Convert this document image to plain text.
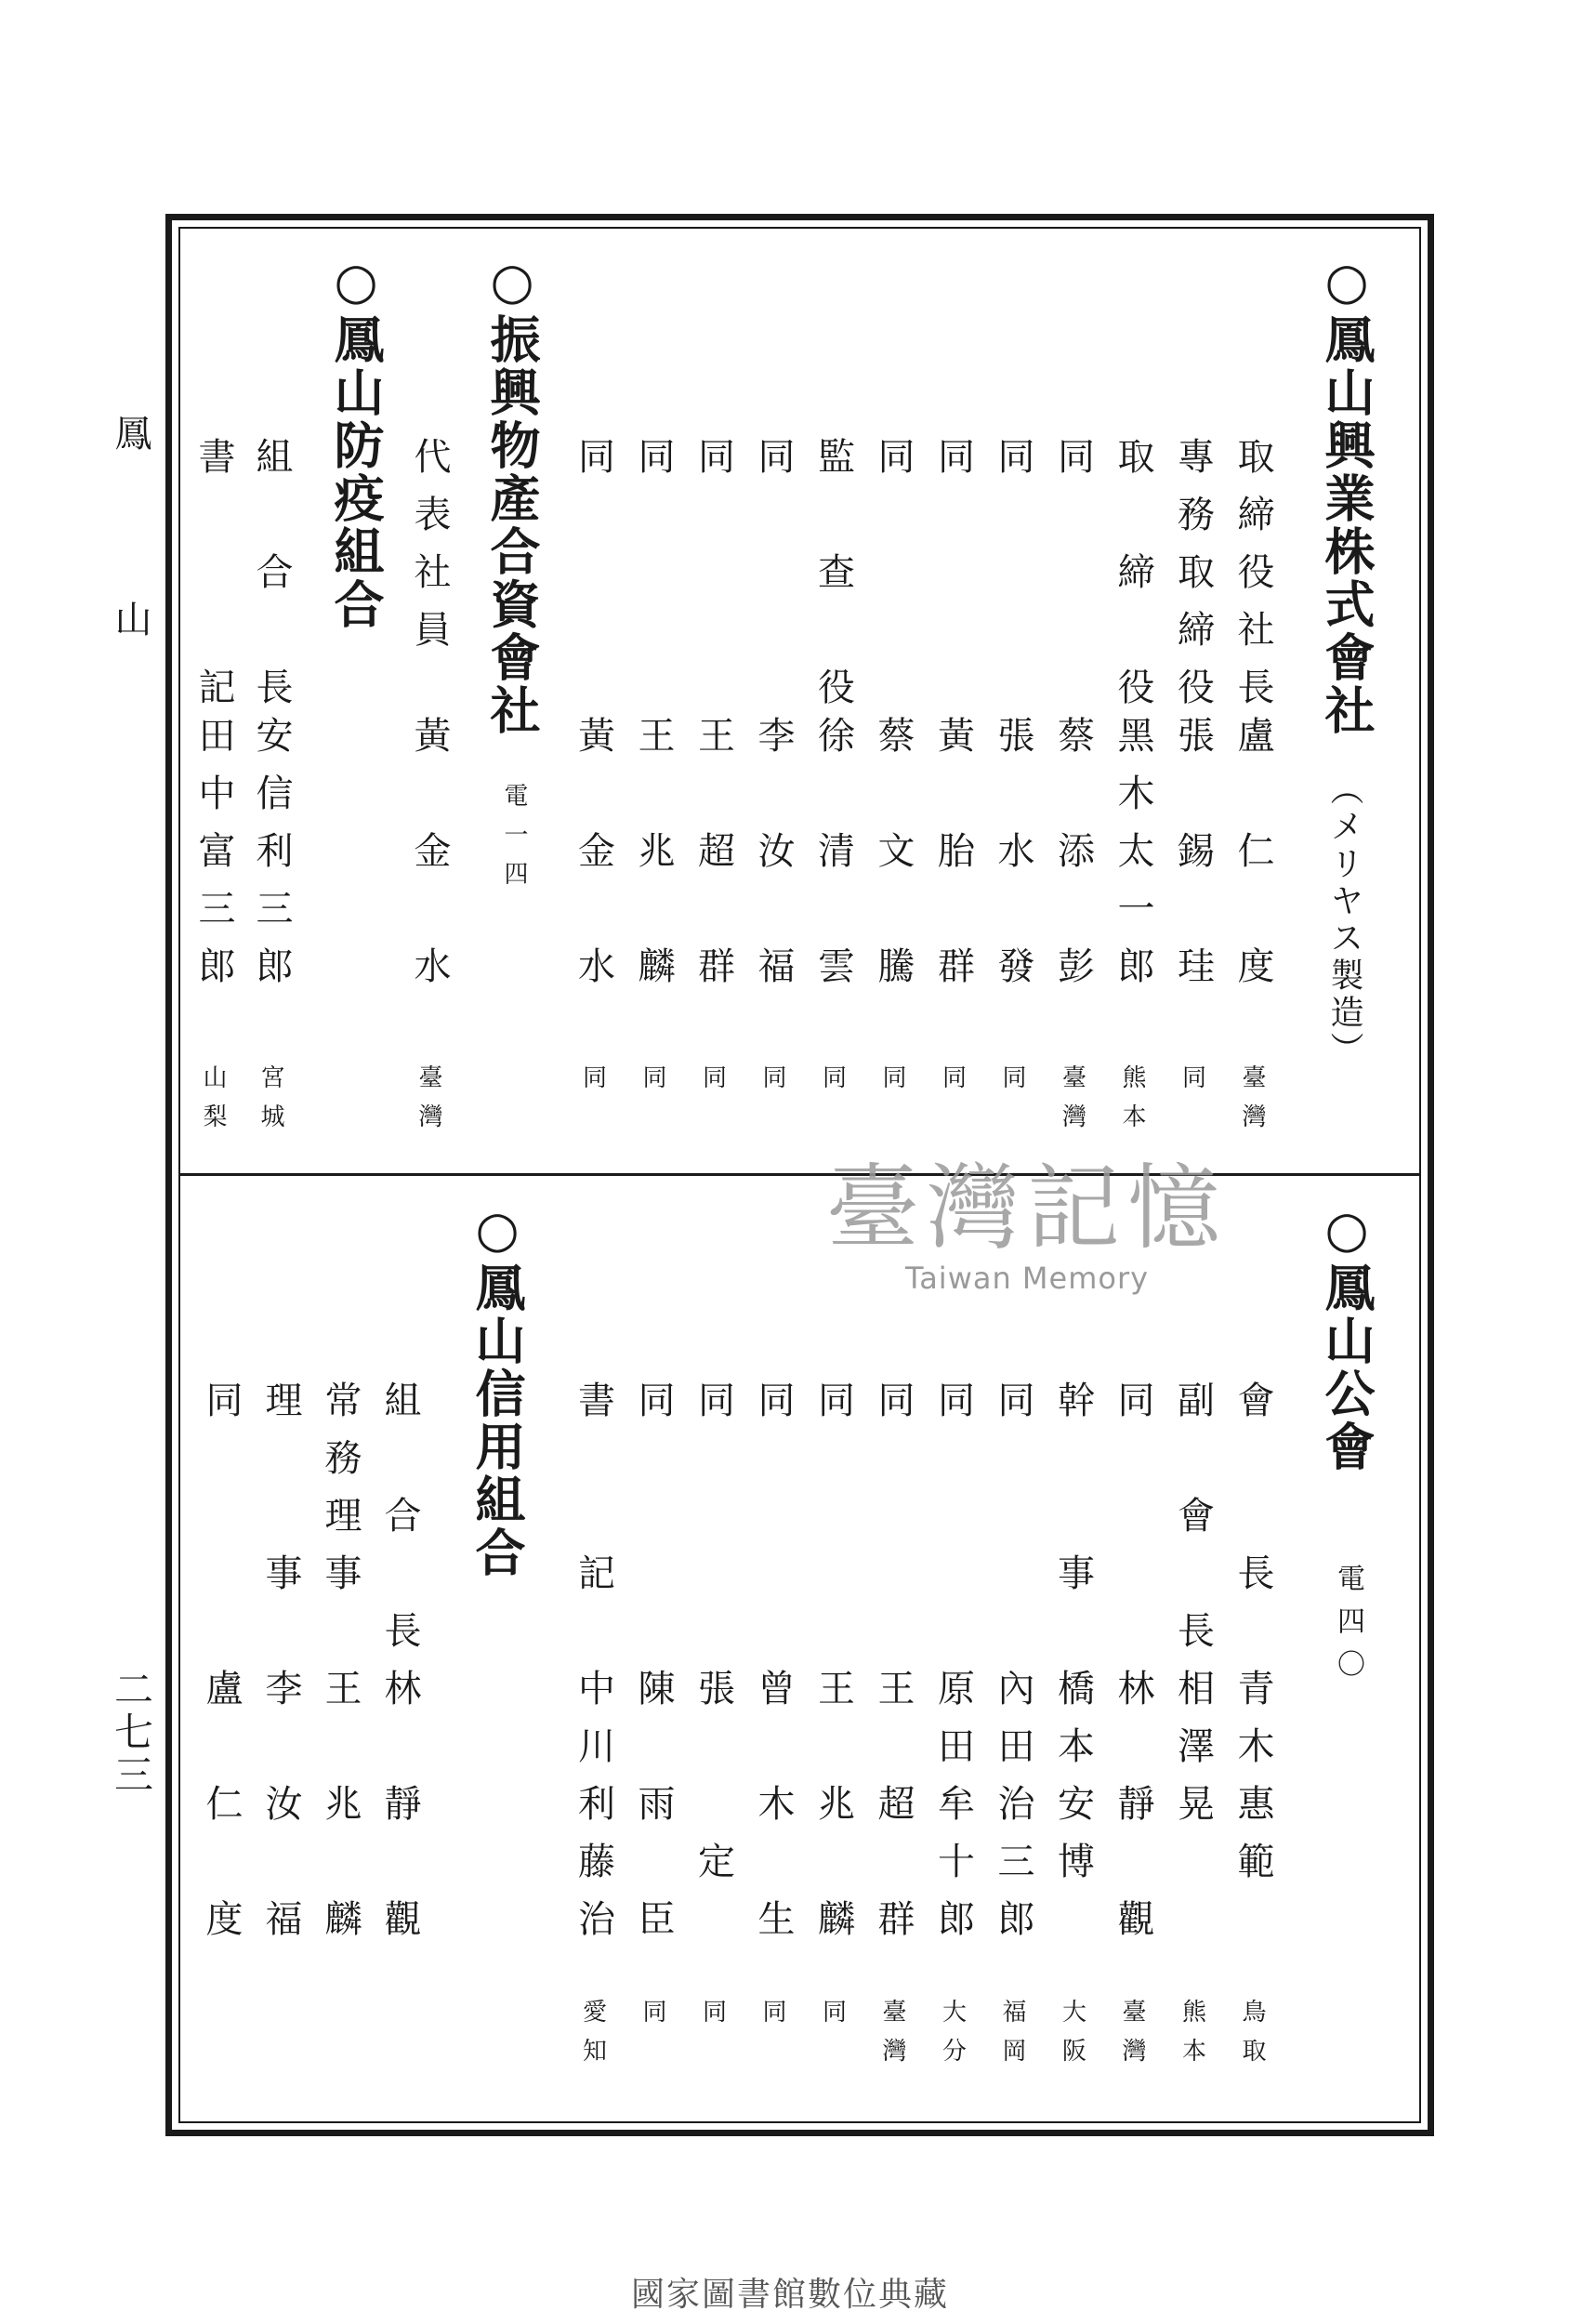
鳳　山
二七三
○鳳山興業株式會社
（メリヤス製造）
○振興物產合資會社
電一四
○鳳山防疫組合
○鳳山公會
電四〇
○鳳山信用組合	臺灣記憶
Taiwan Memory
國家圖書館數位典藏
取締役社長
盧　仁　度
臺灣
專務取締役
張　錫　珪
同
取　締　役
黑木太一郎
熊本
同
蔡　添　彭
臺灣
同
張　水　發
同
同
黃　胎　群
同
同
蔡　文　騰
同
監　查　役
徐　清　雲
同
同
李　汝　福
同
同
王　超　群
同
同
王　兆　麟
同
同
黃　金　水
同
代表社員
黃　金　水
臺灣
組　合　長
安信利三郎
宮城
書　　　記
田中富三郎
山梨
會　　長
青木惠範
鳥取
副　會　長
相澤晃
熊本
同
林　靜　觀
臺灣
幹　　事
橋本安博
大阪
同
內田治三郎
福岡
同
原田牟十郎
大分
同
王　超　群
臺灣
同
王　兆　麟
同
同
曾　木　生
同
同
張　　定
同
同
陳　雨　臣
同
書　　記
中川利藤治
愛知
組　合　長
林　靜　觀
常務理事
王　兆　麟
理　　事
李　汝　福
同
盧　仁　度
